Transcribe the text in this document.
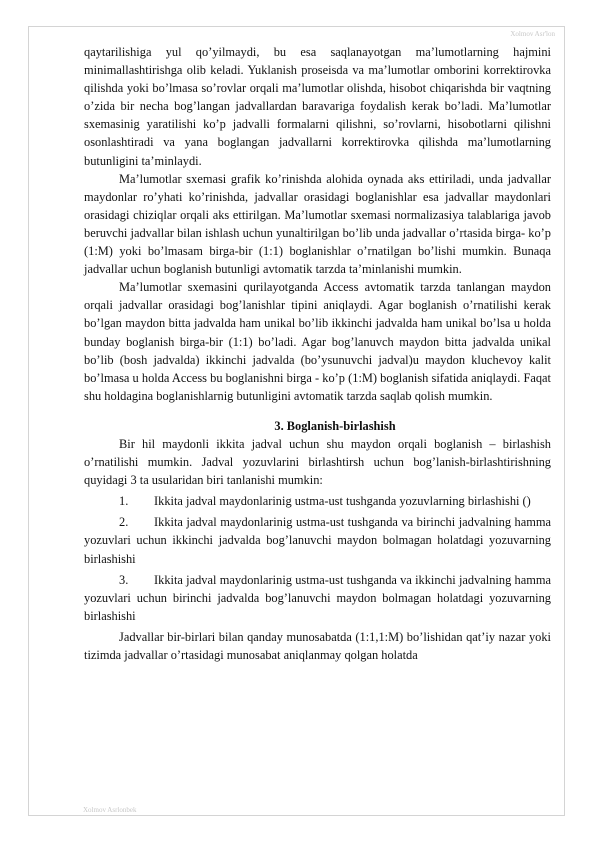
Xolmov Asr'lon

qaytarilishiga yul qo’yilmaydi, bu esa saqlanayotgan ma’lumotlarning hajmini minimallashtirishga olib keladi. Yuklanish proseisda va ma’lumotlar omborini korrektirovka qilishda yoki bo’lmasa so’rovlar orqali ma’lumotlar olishda, hisobot chiqarishda bir vaqtning o’zida bir necha bog’langan jadvallardan baravariga foydalish kerak bo’ladi. Ma’lumotlar sxemasinig yaratilishi ko’p jadvalli formalarni qilishni, so’rovlarni, hisobotlarni qilishni osonlashtiradi va yana boglangan jadvallarni korrektirovka qilishda ma’lumotlarning butunligini ta’minlaydi.

Ma’lumotlar sxemasi grafik ko’rinishda alohida oynada aks ettiriladi, unda jadvallar maydonlar ro’yhati ko’rinishda, jadvallar orasidagi boglanishlar esa jadvallar maydonlari orasidagi chiziqlar orqali aks ettirilgan. Ma’lumotlar sxemasi normalizasiya talablariga javob beruvchi jadvallar bilan ishlash uchun yunaltirilgan bo’lib unda jadvallar o’rtasida birga- ko’p (1:M) yoki bo’lmasam birga-bir (1:1) boglanishlar o’rnatilgan bo’lishi mumkin. Bunaqa jadvallar uchun boglanish butunligi avtomatik tarzda ta’minlanishi mumkin.

Ma’lumotlar sxemasini qurilayotganda Access avtomatik tarzda tanlangan maydon orqali jadvallar orasidagi bog’lanishlar tipini aniqlaydi. Agar boglanish o’rnatilishi kerak bo’lgan maydon bitta jadvalda ham unikal bo’lib ikkinchi jadvalda ham unikal bo’lsa u holda bunday boglanish birga-bir (1:1) bo’ladi. Agar bog’lanuvch maydon bitta jadvalda unikal bo’lib (bosh jadvalda) ikkinchi jadvalda (bo’ysunuvchi jadval)u maydon kluchevoy kalit bo’lmasa u holda Access bu boglanishni birga - ko’p (1:M) boglanish sifatida aniqlaydi. Faqat shu holdagina boglanishlarnig butunligini avtomatik tarzda saqlab qolish mumkin.

3. Boglanish-birlashish

Bir hil maydonli ikkita jadval uchun shu maydon orqali boglanish – birlashish o’rnatilishi mumkin. Jadval yozuvlarini birlashtirsh uchun bog’lanish-birlashtirishning quyidagi 3 ta usularidan biri tanlanishi mumkin:

1. Ikkita jadval maydonlarinig ustma-ust tushganda yozuvlarning birlashishi ()

2. Ikkita jadval maydonlarinig ustma-ust tushganda va birinchi jadvalning hamma yozuvlari uchun ikkinchi jadvalda bog’lanuvchi maydon bolmagan holatdagi yozuvarning birlashishi

3. Ikkita jadval maydonlarinig ustma-ust tushganda va ikkinchi jadvalning hamma yozuvlari uchun birinchi jadvalda bog’lanuvchi maydon bolmagan holatdagi yozuvarning birlashishi

Jadvallar bir-birlari bilan qanday munosabatda (1:1,1:M) bo’lishidan qat’iy nazar yoki tizimda jadvallar o’rtasidagi munosabat aniqlanmay qolgan holatda

Xolmov Asrlonbek
